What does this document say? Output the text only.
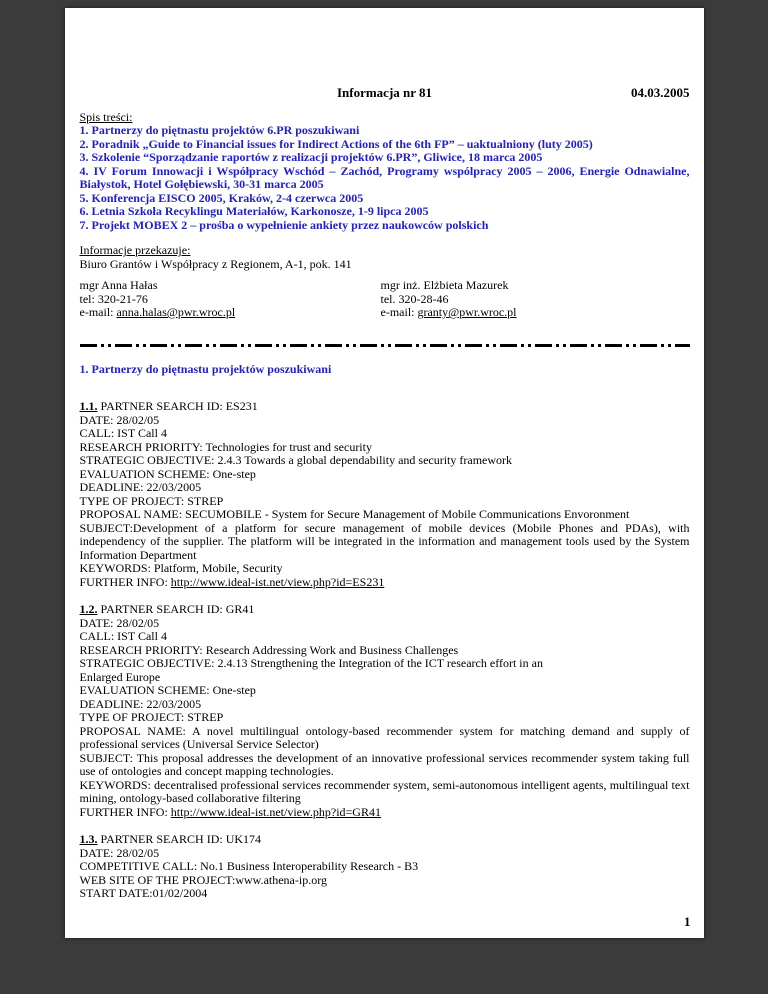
Informacja nr 81	04.03.2005

Spis treści:

1. Partnerzy do piętnastu projektów 6.PR poszukiwani

2. Poradnik „Guide to Financial issues for Indirect Actions of the 6th FP” – uaktualniony (luty 2005)

3. Szkolenie “Sporządzanie raportów z realizacji projektów 6.PR”, Gliwice, 18 marca 2005

4. IV Forum Innowacji i Współpracy Wschód – Zachód, Programy wspólpracy 2005 – 2006, Energie Odnawialne, Białystok, Hotel Gołębiewski, 30-31 marca 2005

5. Konferencja EISCO 2005, Kraków, 2-4 czerwca 2005

6. Letnia Szkoła Recyklingu Materiałów, Karkonosze, 1-9 lipca 2005

7. Projekt MOBEX 2 – prośba o wypełnienie ankiety przez naukowców polskich

Informacje przekazuje:

Biuro Grantów i Współpracy z Regionem, A-1, pok. 141

mgr Anna Hałas

tel: 320-21-76

e-mail: anna.halas@pwr.wroc.pl

mgr inż. Elżbieta Mazurek

tel. 320-28-46

e-mail: granty@pwr.wroc.pl

1. Partnerzy do piętnastu projektów poszukiwani

1.1. PARTNER SEARCH ID: ES231

DATE: 28/02/05

CALL: IST Call 4

RESEARCH PRIORITY: Technologies for trust and security

STRATEGIC OBJECTIVE: 2.4.3 Towards a global dependability and security framework

EVALUATION SCHEME: One-step

DEADLINE: 22/03/2005

TYPE OF PROJECT: STREP

PROPOSAL NAME: SECUMOBILE - System for Secure Management of Mobile Communications Envoronment

SUBJECT:Development of a platform for secure management of mobile devices (Mobile Phones and PDAs), with independency of the supplier. The platform will be integrated in the information and management tools used by the System Information Department

KEYWORDS: Platform, Mobile, Security

FURTHER INFO: http://www.ideal-ist.net/view.php?id=ES231

1.2. PARTNER SEARCH ID: GR41

DATE: 28/02/05

CALL: IST Call 4

RESEARCH PRIORITY: Research Addressing Work and Business Challenges

STRATEGIC OBJECTIVE: 2.4.13 Strengthening the Integration of the ICT research effort in an

Enlarged Europe

EVALUATION SCHEME: One-step

DEADLINE: 22/03/2005

TYPE OF PROJECT: STREP

PROPOSAL NAME: A novel multilingual ontology-based recommender system for matching demand and supply of professional services (Universal Service Selector)

SUBJECT: This proposal addresses the development of an innovative professional services recommender system taking full use of ontologies and concept mapping technologies.

KEYWORDS: decentralised professional services recommender system, semi-autonomous intelligent agents, multilingual text mining, ontology-based collaborative filtering

FURTHER INFO: http://www.ideal-ist.net/view.php?id=GR41

1.3. PARTNER SEARCH ID: UK174

DATE: 28/02/05

COMPETITIVE CALL: No.1 Business Interoperability Research - B3

WEB SITE OF THE PROJECT:www.athena-ip.org

START DATE:01/02/2004

1
